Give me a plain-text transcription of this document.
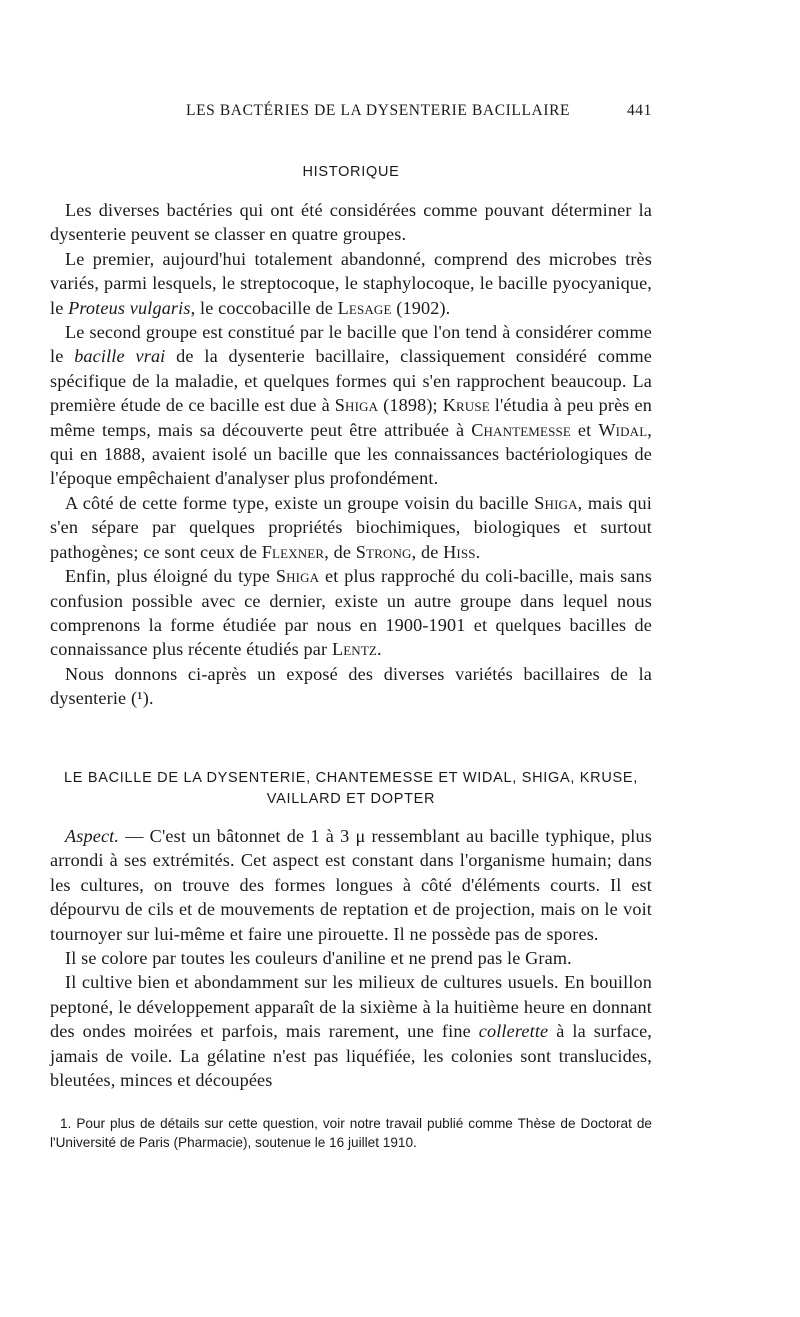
LES BACTÉRIES DE LA DYSENTERIE BACILLAIRE	441
HISTORIQUE

Les diverses bactéries qui ont été considérées comme pouvant déterminer la dysenterie peuvent se classer en quatre groupes.

Le premier, aujourd'hui totalement abandonné, comprend des microbes très variés, parmi lesquels, le streptocoque, le staphylocoque, le bacille pyocyanique, le Proteus vulgaris, le coccobacille de Lesage (1902).

Le second groupe est constitué par le bacille que l'on tend à considérer comme le bacille vrai de la dysenterie bacillaire, classiquement considéré comme spécifique de la maladie, et quelques formes qui s'en rapprochent beaucoup. La première étude de ce bacille est due à Shiga (1898); Kruse l'étudia à peu près en même temps, mais sa découverte peut être attribuée à Chantemesse et Widal, qui en 1888, avaient isolé un bacille que les connaissances bactériologiques de l'époque empêchaient d'analyser plus profondément.

A côté de cette forme type, existe un groupe voisin du bacille Shiga, mais qui s'en sépare par quelques propriétés biochimiques, biologiques et surtout pathogènes; ce sont ceux de Flexner, de Strong, de Hiss.

Enfin, plus éloigné du type Shiga et plus rapproché du coli-bacille, mais sans confusion possible avec ce dernier, existe un autre groupe dans lequel nous comprenons la forme étudiée par nous en 1900-1901 et quelques bacilles de connaissance plus récente étudiés par Lentz.

Nous donnons ci-après un exposé des diverses variétés bacillaires de la dysenterie (¹).

LE BACILLE DE LA DYSENTERIE, CHANTEMESSE ET WIDAL, SHIGA, KRUSE,
VAILLARD ET DOPTER

Aspect. — C'est un bâtonnet de 1 à 3 μ ressemblant au bacille typhique, plus arrondi à ses extrémités. Cet aspect est constant dans l'organisme humain; dans les cultures, on trouve des formes longues à côté d'éléments courts. Il est dépourvu de cils et de mouvements de reptation et de projection, mais on le voit tournoyer sur lui-même et faire une pirouette. Il ne possède pas de spores.

Il se colore par toutes les couleurs d'aniline et ne prend pas le Gram.

Il cultive bien et abondamment sur les milieux de cultures usuels. En bouillon peptoné, le développement apparaît de la sixième à la huitième heure en donnant des ondes moirées et parfois, mais rarement, une fine collerette à la surface, jamais de voile. La gélatine n'est pas liquéfiée, les colonies sont translucides, bleutées, minces et découpées

1. Pour plus de détails sur cette question, voir notre travail publié comme Thèse de Doctorat de l'Université de Paris (Pharmacie), soutenue le 16 juillet 1910.
